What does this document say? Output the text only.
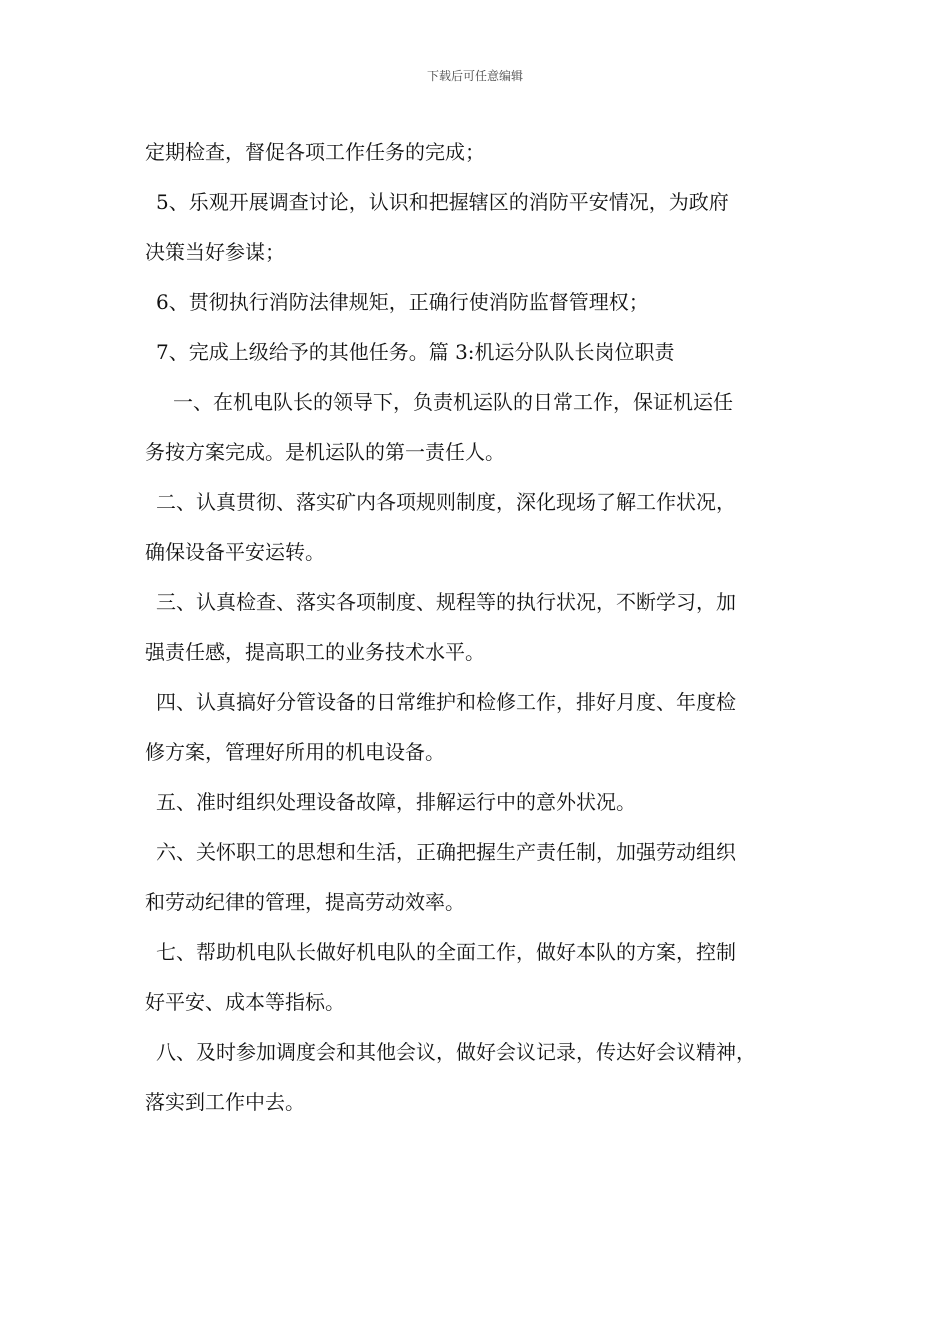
下载后可任意编辑
定期检查，督促各项工作任务的完成；
5、乐观开展调查讨论，认识和把握辖区的消防平安情况，为政府
决策当好参谋；
6、贯彻执行消防法律规矩，正确行使消防监督管理权；
7、完成上级给予的其他任务。篇 3:机运分队队长岗位职责
一、在机电队长的领导下，负责机运队的日常工作，保证机运任
务按方案完成。是机运队的第一责任人。
二、认真贯彻、落实矿内各项规则制度，深化现场了解工作状况，
确保设备平安运转。
三、认真检查、落实各项制度、规程等的执行状况，不断学习，加
强责任感，提高职工的业务技术水平。
四、认真搞好分管设备的日常维护和检修工作，排好月度、年度检
修方案，管理好所用的机电设备。
五、准时组织处理设备故障，排解运行中的意外状况。
六、关怀职工的思想和生活，正确把握生产责任制，加强劳动组织
和劳动纪律的管理，提高劳动效率。
七、帮助机电队长做好机电队的全面工作，做好本队的方案，控制
好平安、成本等指标。
八、及时参加调度会和其他会议，做好会议记录，传达好会议精神，
落实到工作中去。
